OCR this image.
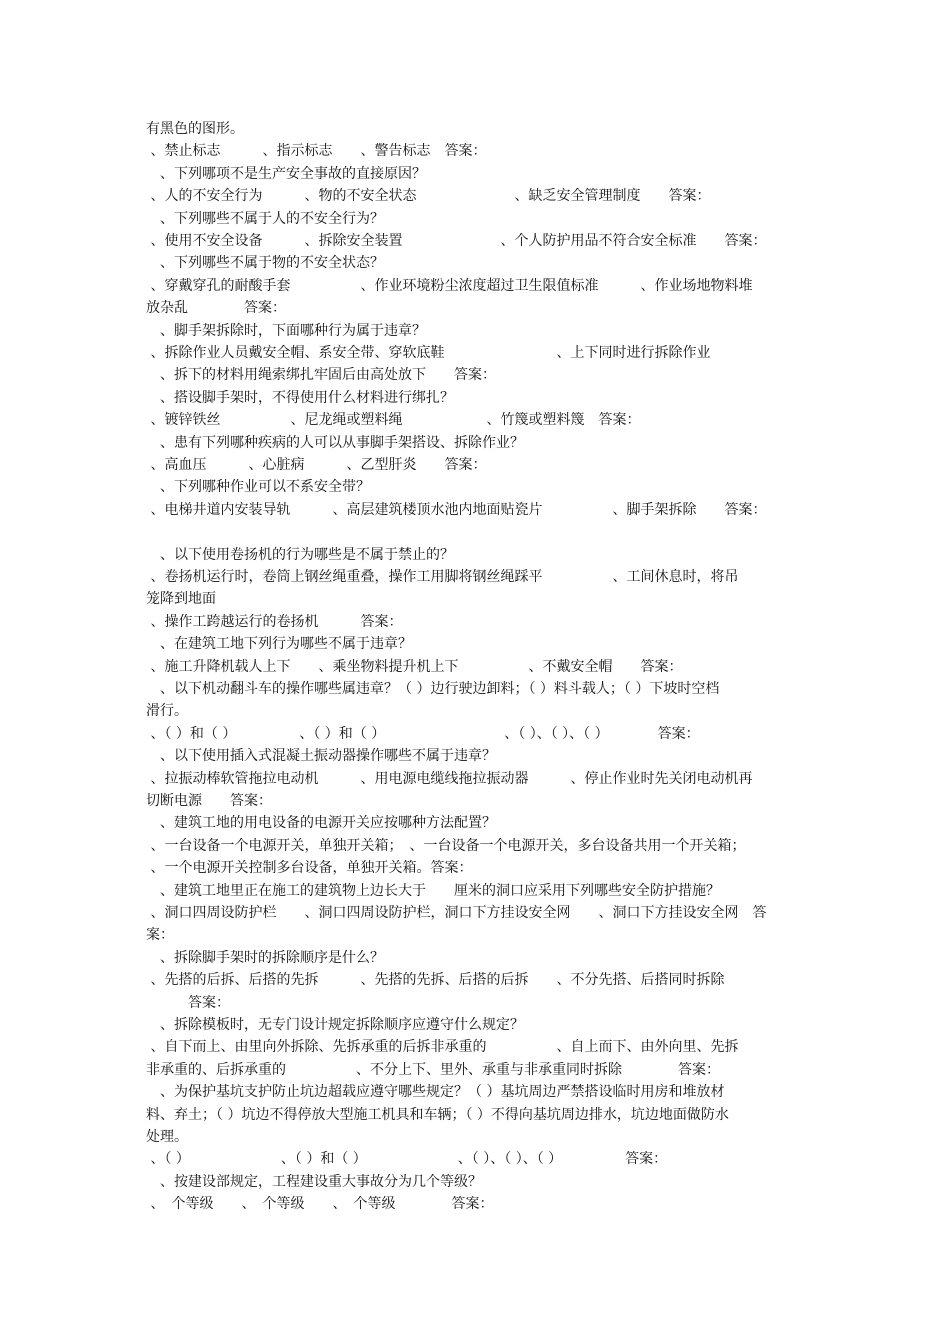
有黑色的图形。
、禁止标志　　　、指示标志　　、警告标志　答案：
　、下列哪项不是生产安全事故的直接原因？
、人的不安全行为　　　、物的不安全状态　　　　　　　、缺乏安全管理制度　　答案：
　、下列哪些不属于人的不安全行为？
、使用不安全设备　　　、拆除安全装置　　　　　　　、个人防护用品不符合安全标准　　答案：
　、下列哪些不属于物的不安全状态？
、穿戴穿孔的耐酸手套　　　　　、作业环境粉尘浓度超过卫生限值标准　　　、作业场地物料堆
放杂乱　　　　答案：
　、脚手架拆除时，下面哪种行为属于违章？
、拆除作业人员戴安全帽、系安全带、穿软底鞋　　　　　　　　、上下同时进行拆除作业
　、拆下的材料用绳索绑扎牢固后由高处放下　　答案：
　、搭设脚手架时，不得使用什么材料进行绑扎？
、镀锌铁丝　　　　　、尼龙绳或塑料绳　　　　　　、竹篾或塑料篾　答案：
　、患有下列哪种疾病的人可以从事脚手架搭设、拆除作业？
、高血压　　　、心脏病　　　、乙型肝炎　　答案：
　、下列哪种作业可以不系安全带？
、电梯井道内安装导轨　　　、高层建筑楼顶水池内地面贴瓷片　　　　　、脚手架拆除　　答案：
　、以下使用卷扬机的行为哪些是不属于禁止的？
、卷扬机运行时，卷筒上钢丝绳重叠，操作工用脚将钢丝绳踩平　　　　　、工间休息时，将吊
笼降到地面
、操作工跨越运行的卷扬机　　　答案：
　、在建筑工地下列行为哪些不属于违章？
、施工升降机载人上下　　、乘坐物料提升机上下　　　　　、不戴安全帽　　答案：
　、以下机动翻斗车的操作哪些属违章？（ ）边行驶边卸料；（ ）料斗载人；（ ）下坡时空档
滑行。
、（ ）和（ ）　　　　　、（ ）和（ ）　　　　　　　　　、（ ）、（ ）、（ ）　　　　答案：
　、以下使用插入式混凝土振动器操作哪些不属于违章？
、拉振动棒软管拖拉电动机　　　、用电源电缆线拖拉振动器　　　、停止作业时先关闭电动机再
切断电源　　答案：
　、建筑工地的用电设备的电源开关应按哪种方法配置？
、一台设备一个电源开关，单独开关箱；　、一台设备一个电源开关，多台设备共用一个开关箱；
、一个电源开关控制多台设备，单独开关箱。答案：
　、建筑工地里正在施工的建筑物上边长大于　　厘米的洞口应采用下列哪些安全防护措施？
、洞口四周设防护栏　　、洞口四周设防护栏，洞口下方挂设安全网　　、洞口下方挂设安全网　答
案：
　、拆除脚手架时的拆除顺序是什么？
、先搭的后拆、后搭的先拆　　　、先搭的先拆、后搭的后拆　　、不分先搭、后搭同时拆除
　　　答案：
　、拆除模板时，无专门设计规定拆除顺序应遵守什么规定？
、自下而上、由里向外拆除、先拆承重的后拆非承重的　　　　　、自上而下、由外向里、先拆
非承重的、后拆承重的　　　　　、不分上下、里外、承重与非承重同时拆除　　　　答案：
　、为保护基坑支护防止坑边超载应遵守哪些规定？（ ）基坑周边严禁搭设临时用房和堆放材
料、弃土；（ ）坑边不得停放大型施工机具和车辆；（ ）不得向基坑周边排水，坑边地面做防水
处理。
、（ ）　　　　　　　、（ ）和（ ）　　　　　　　、（ ）、（ ）、（ ）　　　　　答案：
　、按建设部规定，工程建设重大事故分为几个等级？
、　个等级　　、　个等级　　、　个等级　　　　答案：
